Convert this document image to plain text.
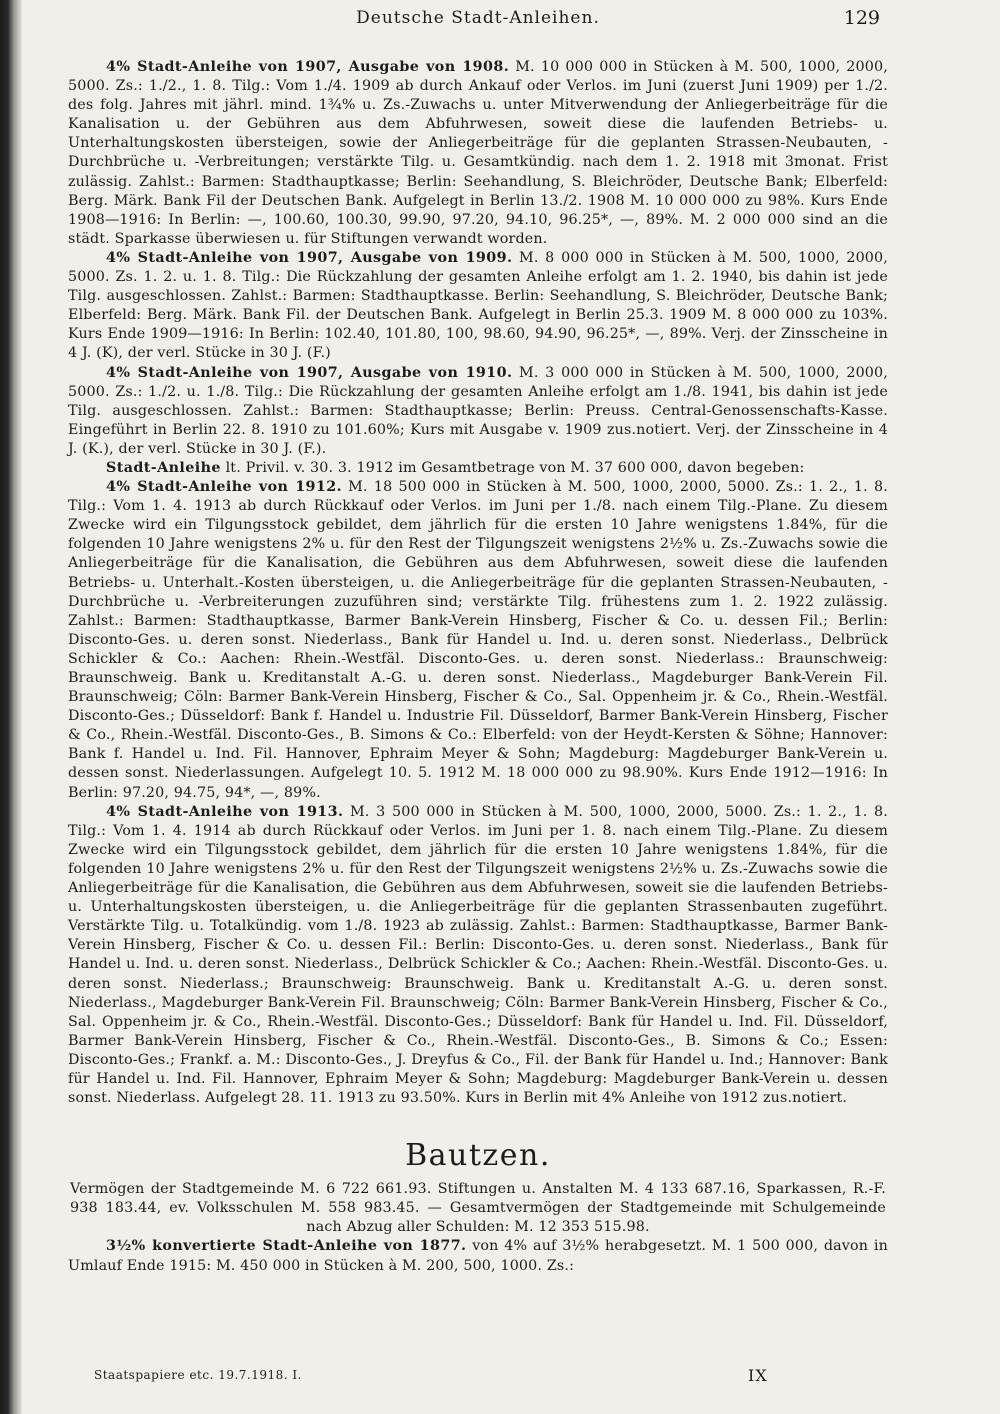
Deutsche Stadt-Anleihen.	129

4% Stadt-Anleihe von 1907, Ausgabe von 1908. M. 10 000 000 in Stücken à M. 500, 1000, 2000, 5000. Zs.: 1./2., 1. 8. Tilg.: Vom 1./4. 1909 ab durch Ankauf oder Verlos. im Juni (zuerst Juni 1909) per 1./2. des folg. Jahres mit jährl. mind. 1¾% u. Zs.-Zuwachs u. unter Mitverwendung der Anliegerbeiträge für die Kanalisation u. der Gebühren aus dem Abfuhrwesen, soweit diese die laufenden Betriebs- u. Unterhaltungskosten übersteigen, sowie der Anliegerbeiträge für die geplanten Strassen-Neubauten, -Durchbrüche u. -Verbreitungen; verstärkte Tilg. u. Gesamtkündig. nach dem 1. 2. 1918 mit 3monat. Frist zulässig. Zahlst.: Barmen: Stadthauptkasse; Berlin: Seehandlung, S. Bleichröder, Deutsche Bank; Elberfeld: Berg. Märk. Bank Fil der Deutschen Bank. Aufgelegt in Berlin 13./2. 1908 M. 10 000 000 zu 98%. Kurs Ende 1908—1916: In Berlin: —, 100.60, 100.30, 99.90, 97.20, 94.10, 96.25*, —, 89%. M. 2 000 000 sind an die städt. Sparkasse überwiesen u. für Stiftungen verwandt worden.

4% Stadt-Anleihe von 1907, Ausgabe von 1909. M. 8 000 000 in Stücken à M. 500, 1000, 2000, 5000. Zs. 1. 2. u. 1. 8. Tilg.: Die Rückzahlung der gesamten Anleihe erfolgt am 1. 2. 1940, bis dahin ist jede Tilg. ausgeschlossen. Zahlst.: Barmen: Stadthauptkasse. Berlin: Seehandlung, S. Bleichröder, Deutsche Bank; Elberfeld: Berg. Märk. Bank Fil. der Deutschen Bank. Aufgelegt in Berlin 25.3. 1909 M. 8 000 000 zu 103%. Kurs Ende 1909—1916: In Berlin: 102.40, 101.80, 100, 98.60, 94.90, 96.25*, —, 89%. Verj. der Zinsscheine in 4 J. (K), der verl. Stücke in 30 J. (F.)

4% Stadt-Anleihe von 1907, Ausgabe von 1910. M. 3 000 000 in Stücken à M. 500, 1000, 2000, 5000. Zs.: 1./2. u. 1./8. Tilg.: Die Rückzahlung der gesamten Anleihe erfolgt am 1./8. 1941, bis dahin ist jede Tilg. ausgeschlossen. Zahlst.: Barmen: Stadthauptkasse; Berlin: Preuss. Central-Genossenschafts-Kasse. Eingeführt in Berlin 22. 8. 1910 zu 101.60%; Kurs mit Ausgabe v. 1909 zus.notiert. Verj. der Zinsscheine in 4 J. (K.), der verl. Stücke in 30 J. (F.).

Stadt-Anleihe lt. Privil. v. 30. 3. 1912 im Gesamtbetrage von M. 37 600 000, davon begeben:

4% Stadt-Anleihe von 1912. M. 18 500 000 in Stücken à M. 500, 1000, 2000, 5000. Zs.: 1. 2., 1. 8. Tilg.: Vom 1. 4. 1913 ab durch Rückkauf oder Verlos. im Juni per 1./8. nach einem Tilg.-Plane. Zu diesem Zwecke wird ein Tilgungsstock gebildet, dem jährlich für die ersten 10 Jahre wenigstens 1.84%, für die folgenden 10 Jahre wenigstens 2% u. für den Rest der Tilgungszeit wenigstens 2½% u. Zs.-Zuwachs sowie die Anliegerbeiträge für die Kanalisation, die Gebühren aus dem Abfuhrwesen, soweit diese die laufenden Betriebs- u. Unterhalt.-Kosten übersteigen, u. die Anliegerbeiträge für die geplanten Strassen-Neubauten, -Durchbrüche u. -Verbreiterungen zuzuführen sind; verstärkte Tilg. frühestens zum 1. 2. 1922 zulässig. Zahlst.: Barmen: Stadthauptkasse, Barmer Bank-Verein Hinsberg, Fischer & Co. u. dessen Fil.; Berlin: Disconto-Ges. u. deren sonst. Niederlass., Bank für Handel u. Ind. u. deren sonst. Niederlass., Delbrück Schickler & Co.: Aachen: Rhein.-Westfäl. Disconto-Ges. u. deren sonst. Niederlass.: Braunschweig: Braunschweig. Bank u. Kreditanstalt A.-G. u. deren sonst. Niederlass., Magdeburger Bank-Verein Fil. Braunschweig; Cöln: Barmer Bank-Verein Hinsberg, Fischer & Co., Sal. Oppenheim jr. & Co., Rhein.-Westfäl. Disconto-Ges.; Düsseldorf: Bank f. Handel u. Industrie Fil. Düsseldorf, Barmer Bank-Verein Hinsberg, Fischer & Co., Rhein.-Westfäl. Disconto-Ges., B. Simons & Co.: Elberfeld: von der Heydt-Kersten & Söhne; Hannover: Bank f. Handel u. Ind. Fil. Hannover, Ephraim Meyer & Sohn; Magdeburg: Magdeburger Bank-Verein u. dessen sonst. Niederlassungen. Aufgelegt 10. 5. 1912 M. 18 000 000 zu 98.90%. Kurs Ende 1912—1916: In Berlin: 97.20, 94.75, 94*, —, 89%.

4% Stadt-Anleihe von 1913. M. 3 500 000 in Stücken à M. 500, 1000, 2000, 5000. Zs.: 1. 2., 1. 8. Tilg.: Vom 1. 4. 1914 ab durch Rückkauf oder Verlos. im Juni per 1. 8. nach einem Tilg.-Plane. Zu diesem Zwecke wird ein Tilgungsstock gebildet, dem jährlich für die ersten 10 Jahre wenigstens 1.84%, für die folgenden 10 Jahre wenigstens 2% u. für den Rest der Tilgungszeit wenigstens 2½% u. Zs.-Zuwachs sowie die Anliegerbeiträge für die Kanalisation, die Gebühren aus dem Abfuhrwesen, soweit sie die laufenden Betriebs- u. Unterhaltungskosten übersteigen, u. die Anliegerbeiträge für die geplanten Strassenbauten zugeführt. Verstärkte Tilg. u. Totalkündig. vom 1./8. 1923 ab zulässig. Zahlst.: Barmen: Stadthauptkasse, Barmer Bank-Verein Hinsberg, Fischer & Co. u. dessen Fil.: Berlin: Disconto-Ges. u. deren sonst. Niederlass., Bank für Handel u. Ind. u. deren sonst. Niederlass., Delbrück Schickler & Co.; Aachen: Rhein.-Westfäl. Disconto-Ges. u. deren sonst. Niederlass.; Braunschweig: Braunschweig. Bank u. Kreditanstalt A.-G. u. deren sonst. Niederlass., Magdeburger Bank-Verein Fil. Braunschweig; Cöln: Barmer Bank-Verein Hinsberg, Fischer & Co., Sal. Oppenheim jr. & Co., Rhein.-Westfäl. Disconto-Ges.; Düsseldorf: Bank für Handel u. Ind. Fil. Düsseldorf, Barmer Bank-Verein Hinsberg, Fischer & Co., Rhein.-Westfäl. Disconto-Ges., B. Simons & Co.; Essen: Disconto-Ges.; Frankf. a. M.: Disconto-Ges., J. Dreyfus & Co., Fil. der Bank für Handel u. Ind.; Hannover: Bank für Handel u. Ind. Fil. Hannover, Ephraim Meyer & Sohn; Magdeburg: Magdeburger Bank-Verein u. dessen sonst. Niederlass. Aufgelegt 28. 11. 1913 zu 93.50%. Kurs in Berlin mit 4% Anleihe von 1912 zus.notiert.

Bautzen.

Vermögen der Stadtgemeinde M. 6 722 661.93. Stiftungen u. Anstalten M. 4 133 687.16, Sparkassen, R.-F. 938 183.44, ev. Volksschulen M. 558 983.45. — Gesamtvermögen der Stadtgemeinde mit Schulgemeinde nach Abzug aller Schulden: M. 12 353 515.98.

3½% konvertierte Stadt-Anleihe von 1877. von 4% auf 3½% herabgesetzt. M. 1 500 000, davon in Umlauf Ende 1915: M. 450 000 in Stücken à M. 200, 500, 1000. Zs.:

Staatspapiere etc. 19.7.1918. I.	IX
